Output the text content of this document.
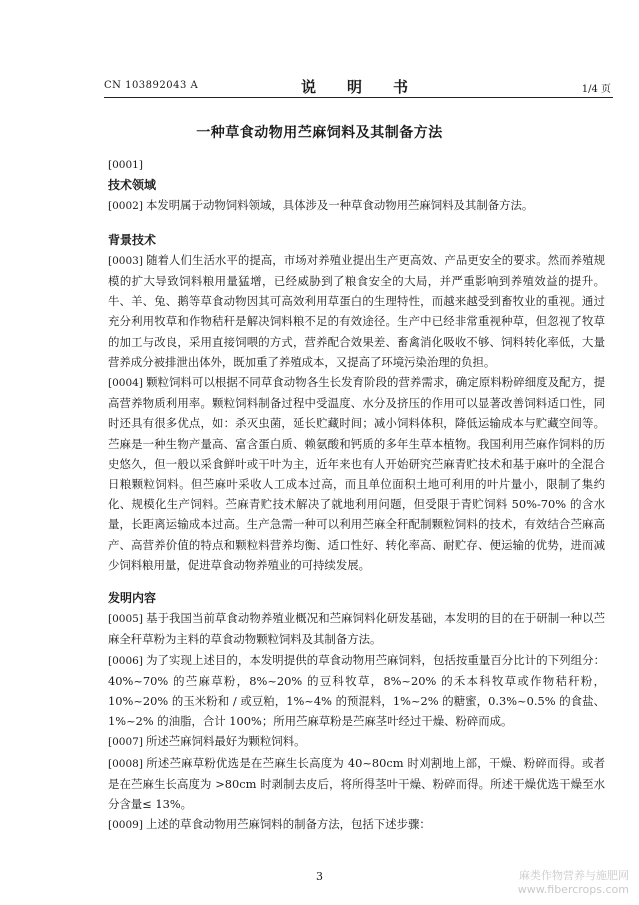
CN 103892043 A	说　明　书	1/4 页
一种草食动物用苎麻饲料及其制备方法
[0001]
技术领域

[0002] 本发明属于动物饲料领域，具体涉及一种草食动物用苎麻饲料及其制备方法。

背景技术

[0003] 随着人们生活水平的提高，市场对养殖业提出生产更高效、产品更安全的要求。然而养殖规模的扩大导致饲料粮用量猛增，已经威胁到了粮食安全的大局，并严重影响到养殖效益的提升。牛、羊、兔、鹅等草食动物因其可高效利用草蛋白的生理特性，而越来越受到畜牧业的重视。通过充分利用牧草和作物秸秆是解决饲料粮不足的有效途径。生产中已经非常重视种草，但忽视了牧草的加工与改良，采用直接饲喂的方式，营养配合效果差、畜禽消化吸收不够、饲料转化率低，大量营养成分被排泄出体外，既加重了养殖成本，又提高了环境污染治理的负担。

[0004] 颗粒饲料可以根据不同草食动物各生长发育阶段的营养需求，确定原料粉碎细度及配方，提高营养物质利用率。颗粒饲料制备过程中受温度、水分及挤压的作用可以显著改善饲料适口性，同时还具有很多优点，如：杀灭虫菌，延长贮藏时间；减小饲料体积，降低运输成本与贮藏空间等。苎麻是一种生物产量高、富含蛋白质、赖氨酸和钙质的多年生草本植物。我国利用苎麻作饲料的历史悠久，但一般以采食鲜叶或干叶为主，近年来也有人开始研究苎麻青贮技术和基于麻叶的全混合日粮颗粒饲料。但苎麻叶采收人工成本过高，而且单位面积土地可利用的叶片量小，限制了集约化、规模化生产饲料。苎麻青贮技术解决了就地利用问题，但受限于青贮饲料 50%-70% 的含水量，长距离运输成本过高。生产急需一种可以利用苎麻全秆配制颗粒饲料的技术，有效结合苎麻高产、高营养价值的特点和颗粒料营养均衡、适口性好、转化率高、耐贮存、便运输的优势，进而减少饲料粮用量，促进草食动物养殖业的可持续发展。

发明内容

[0005] 基于我国当前草食动物养殖业概况和苎麻饲料化研发基础，本发明的目的在于研制一种以苎麻全秆草粉为主料的草食动物颗粒饲料及其制备方法。

[0006] 为了实现上述目的，本发明提供的草食动物用苎麻饲料，包括按重量百分比计的下列组分：40%~70% 的苎麻草粉，8%~20% 的豆科牧草，8%~20% 的禾本科牧草或作物秸秆粉，10%~20% 的玉米粉和 / 或豆粕，1%~4% 的预混料，1%~2% 的糖蜜，0.3%~0.5% 的食盐、1%~2% 的油脂，合计 100%；所用苎麻草粉是苎麻茎叶经过干燥、粉碎而成。

[0007] 所述苎麻饲料最好为颗粒饲料。

[0008] 所述苎麻草粉优选是在苎麻生长高度为 40~80cm 时刈割地上部，干燥、粉碎而得。或者是在苎麻生长高度为 >80cm 时剥制去皮后，将所得茎叶干燥、粉碎而得。所述干燥优选干燥至水分含量≤ 13%。

[0009] 上述的草食动物用苎麻饲料的制备方法，包括下述步骤：

3	麻类作物营养与施肥网
www.fibercrops.com
